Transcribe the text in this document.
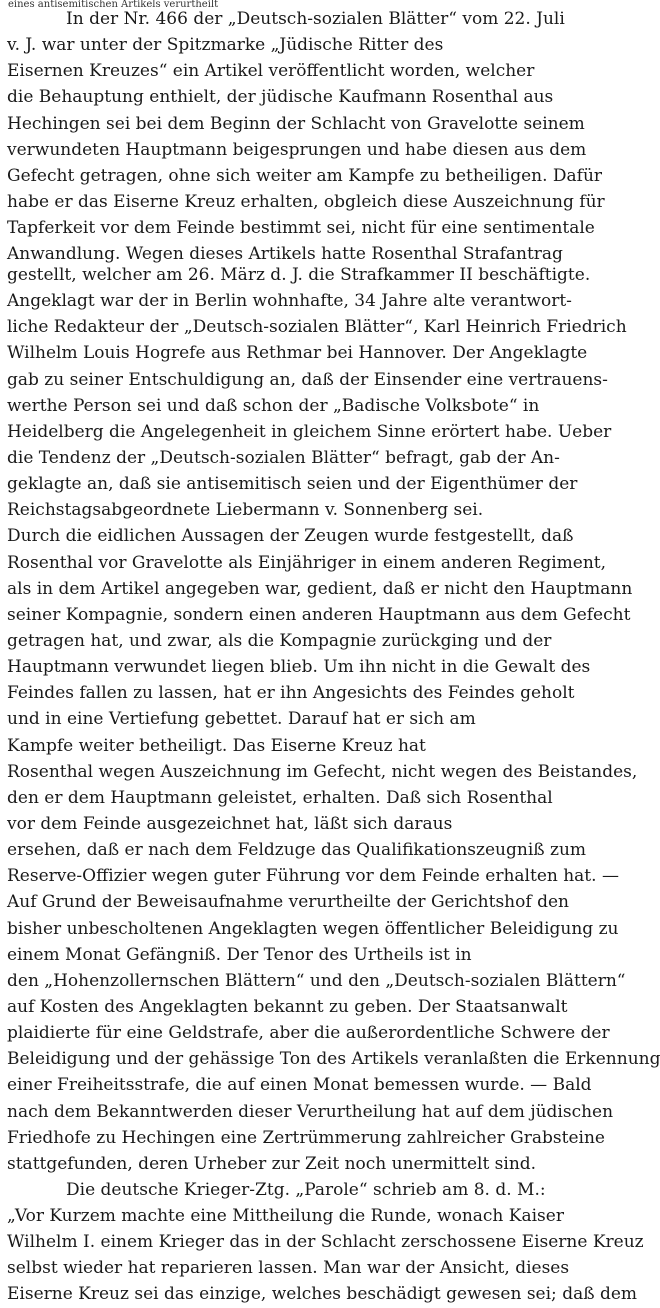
eines antisemitischen Artikels verurtheilt
In der Nr. 466 der „Deutsch-sozialen Blätter“ vom 22. Juli
v. J. war unter der Spitzmarke „Jüdische Ritter des
Eisernen Kreuzes“ ein Artikel veröffentlicht worden, welcher
die Behauptung enthielt, der jüdische Kaufmann Rosenthal aus
Hechingen sei bei dem Beginn der Schlacht von Gravelotte seinem
verwundeten Hauptmann beigesprungen und habe diesen aus dem
Gefecht getragen, ohne sich weiter am Kampfe zu betheiligen. Dafür
habe er das Eiserne Kreuz erhalten, obgleich diese Auszeichnung für
Tapferkeit vor dem Feinde bestimmt sei, nicht für eine sentimentale
Anwandlung. Wegen dieses Artikels hatte Rosenthal Strafantrag
gestellt, welcher am 26. März d. J. die Strafkammer II beschäftigte.
Angeklagt war der in Berlin wohnhafte, 34 Jahre alte verantwort-
liche Redakteur der „Deutsch-sozialen Blätter“, Karl Heinrich Friedrich
Wilhelm Louis Hogrefe aus Rethmar bei Hannover. Der Angeklagte
gab zu seiner Entschuldigung an, daß der Einsender eine vertrauens-
werthe Person sei und daß schon der „Badische Volksbote“ in
Heidelberg die Angelegenheit in gleichem Sinne erörtert habe. Ueber
die Tendenz der „Deutsch-sozialen Blätter“ befragt, gab der An-
geklagte an, daß sie antisemitisch seien und der Eigenthümer der
Reichstagsabgeordnete Liebermann v. Sonnenberg sei.
Durch die eidlichen Aussagen der Zeugen wurde festgestellt, daß
Rosenthal vor Gravelotte als Einjähriger in einem anderen Regiment,
als in dem Artikel angegeben war, gedient, daß er nicht den Hauptmann
seiner Kompagnie, sondern einen anderen Hauptmann aus dem Gefecht
getragen hat, und zwar, als die Kompagnie zurückging und der
Hauptmann verwundet liegen blieb. Um ihn nicht in die Gewalt des
Feindes fallen zu lassen, hat er ihn Angesichts des Feindes geholt
und in eine Vertiefung gebettet. Darauf hat er sich am
Kampfe weiter betheiligt. Das Eiserne Kreuz hat
Rosenthal wegen Auszeichnung im Gefecht, nicht wegen des Beistandes,
den er dem Hauptmann geleistet, erhalten. Daß sich Rosenthal
vor dem Feinde ausgezeichnet hat, läßt sich daraus
ersehen, daß er nach dem Feldzuge das Qualifikationszeugniß zum
Reserve-Offizier wegen guter Führung vor dem Feinde erhalten hat. —
Auf Grund der Beweisaufnahme verurtheilte der Gerichtshof den
bisher unbescholtenen Angeklagten wegen öffentlicher Beleidigung zu
einem Monat Gefängniß. Der Tenor des Urtheils ist in
den „Hohenzollernschen Blättern“ und den „Deutsch-sozialen Blättern“
auf Kosten des Angeklagten bekannt zu geben. Der Staatsanwalt
plaidierte für eine Geldstrafe, aber die außerordentliche Schwere der
Beleidigung und der gehässige Ton des Artikels veranlaßten die Erkennung
einer Freiheitsstrafe, die auf einen Monat bemessen wurde. — Bald
nach dem Bekanntwerden dieser Verurtheilung hat auf dem jüdischen
Friedhofe zu Hechingen eine Zertrümmerung zahlreicher Grabsteine
stattgefunden, deren Urheber zur Zeit noch unermittelt sind.
Die deutsche Krieger-Ztg. „Parole“ schrieb am 8. d. M.:
„Vor Kurzem machte eine Mittheilung die Runde, wonach Kaiser
Wilhelm I. einem Krieger das in der Schlacht zerschossene Eiserne Kreuz
selbst wieder hat reparieren lassen. Man war der Ansicht, dieses
Eiserne Kreuz sei das einzige, welches beschädigt gewesen sei; daß dem
